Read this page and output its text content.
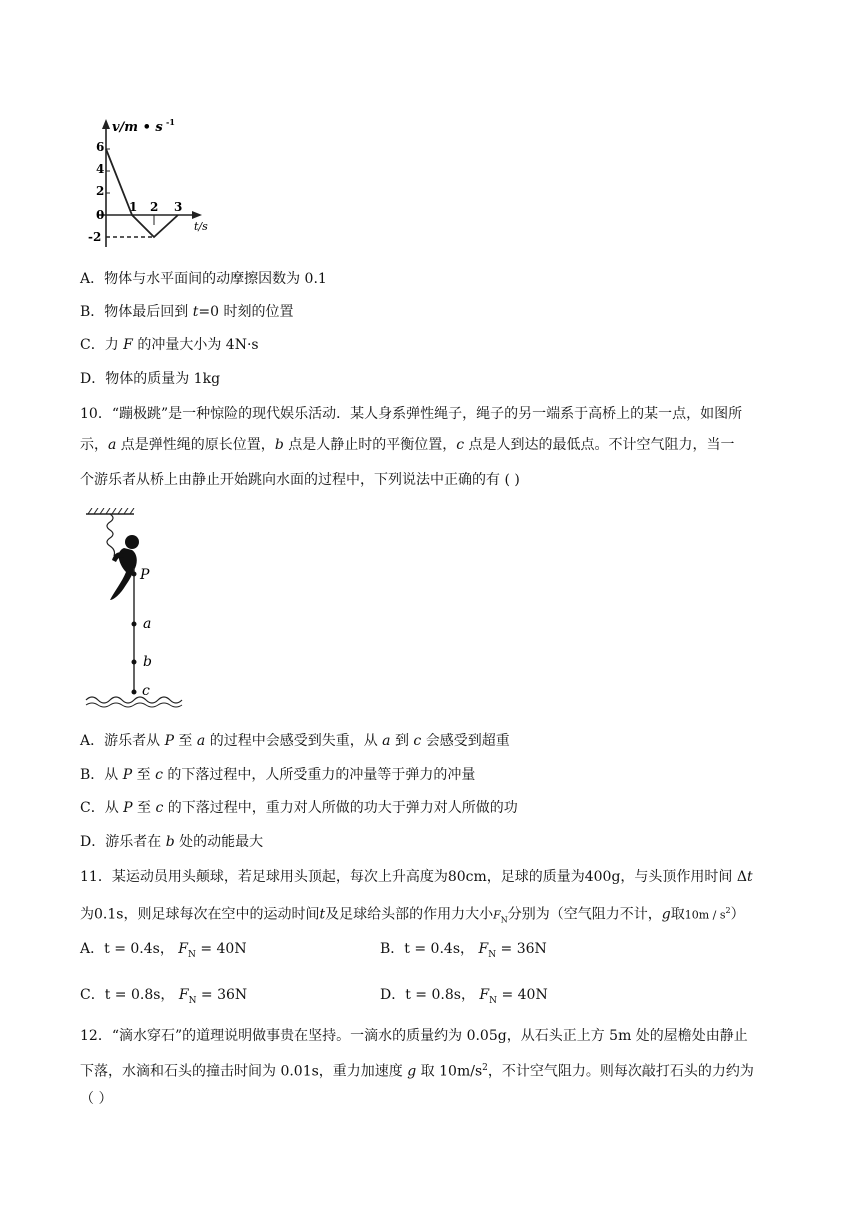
v/m • s -1
6
4
2
0
-2
1 2 3
t/s
A．物体与水平面间的动摩擦因数为 0.1
B．物体最后回到 t=0 时刻的位置
C．力 F 的冲量大小为 4N·s
D．物体的质量为 1kg
10．“蹦极跳”是一种惊险的现代娱乐活动．某人身系弹性绳子，绳子的另一端系于高桥上的某一点，如图所
示，a 点是弹性绳的原长位置，b 点是人静止时的平衡位置，c 点是人到达的最低点。不计空气阻力，当一
个游乐者从桥上由静止开始跳向水面的过程中，下列说法中正确的有 ( )
P
a
b
c
A．游乐者从 P 至 a 的过程中会感受到失重，从 a 到 c 会感受到超重
B．从 P 至 c 的下落过程中，人所受重力的冲量等于弹力的冲量
C．从 P 至 c 的下落过程中，重力对人所做的功大于弹力对人所做的功
D．游乐者在 b 处的动能最大
11．某运动员用头颠球，若足球用头顶起，每次上升高度为80cm，足球的质量为400g，与头顶作用时间 Δt
为0.1s，则足球每次在空中的运动时间t及足球给头部的作用力大小$F_N$分别为（空气阻力不计，g取$10m / s^2$）
A．t = 0.4s， $F_N = 40N$	B．t = 0.4s， $F_N = 36N$
C．t = 0.8s， $F_N = 36N$	D．t = 0.8s， $F_N = 40N$
12．“滴水穿石”的道理说明做事贵在坚持。一滴水的质量约为 0.05g，从石头正上方 5m 处的屋檐处由静止
下落，水滴和石头的撞击时间为 0.01s，重力加速度 g 取 $10m/s^2$，不计空气阻力。则每次敲打石头的力约为
（ ）
